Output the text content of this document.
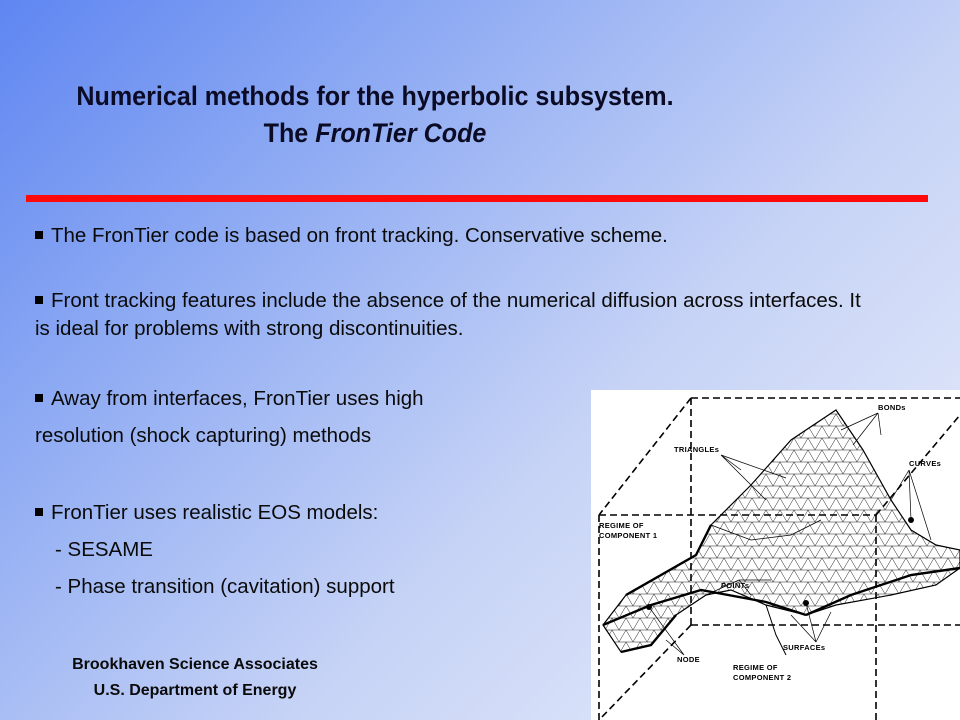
Numerical methods for the hyperbolic subsystem.
The FronTier Code

The FronTier code is based on front tracking. Conservative scheme.

Front tracking features include the absence of the numerical diffusion across interfaces. It is ideal for problems with strong discontinuities.

Away from interfaces, FronTier uses high

resolution (shock capturing) methods

FronTier uses realistic EOS models:

- SESAME

- Phase transition (cavitation) support

Brookhaven Science Associates
U.S. Department of Energy
BONDs
TRIANGLEs
CURVEs
REGIME OF
COMPONENT 1
POINTs
SURFACEs
NODE
REGIME OF
COMPONENT 2
